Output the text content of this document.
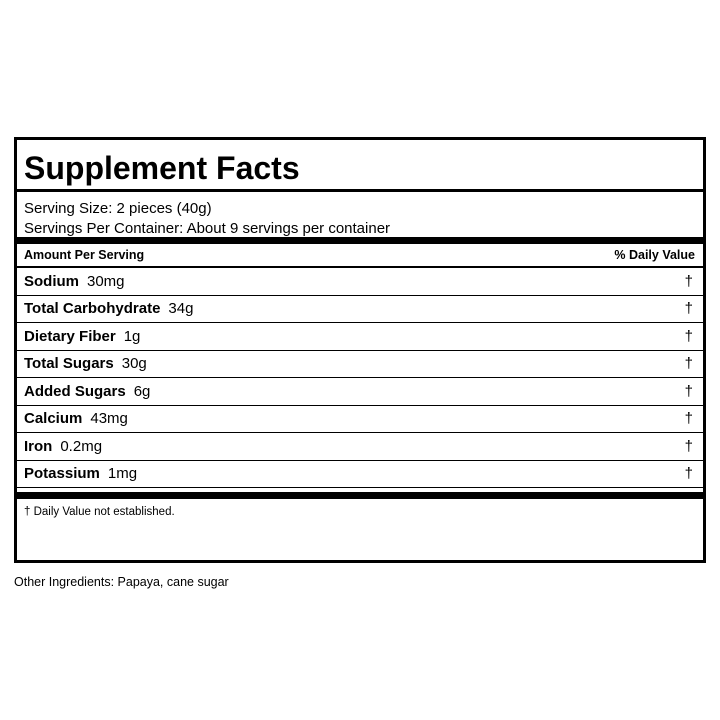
Supplement Facts
Serving Size: 2 pieces (40g)
Servings Per Container: About 9 servings per container
Amount Per Serving	% Daily Value
Sodium 30mg	†
Total Carbohydrate 34g	†
Dietary Fiber 1g	†
Total Sugars 30g	†
Added Sugars 6g	†
Calcium 43mg	†
Iron 0.2mg	†
Potassium 1mg	†
† Daily Value not established.
Other Ingredients: Papaya, cane sugar
